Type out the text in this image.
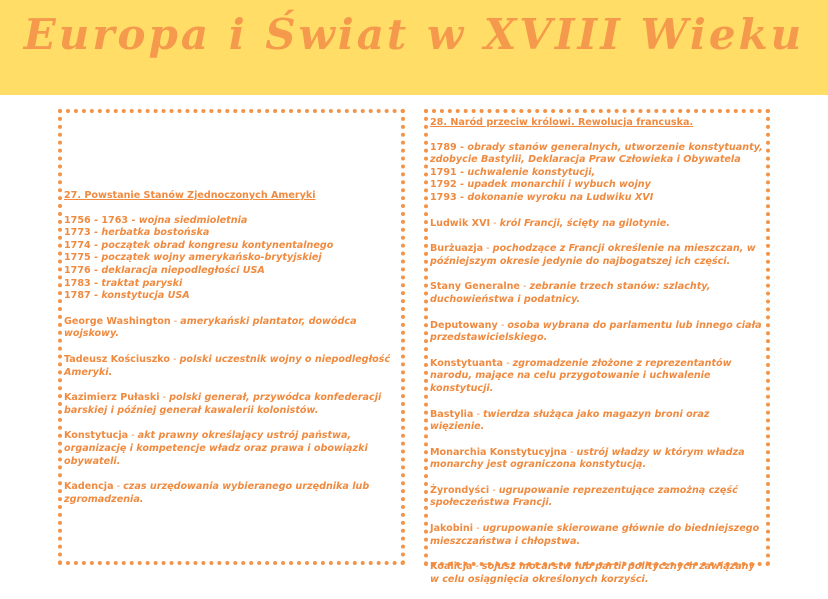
Europa i Świat w XVIII Wieku
27. Powstanie Stanów Zjednoczonych Ameryki
1756 - 1763 - wojna siedmioletnia
1773 - herbatka bostońska
1774 - początek obrad kongresu kontynentalnego
1775 - początek wojny amerykańsko-brytyjskiej
1776 - deklaracja niepodległości USA
1783 - traktat paryski
1787 - konstytucja USA
George Washington - amerykański plantator, dowódca wojskowy.
Tadeusz Kościuszko - polski uczestnik wojny o niepodległość Ameryki.
Kazimierz Pułaski - polski generał, przywódca konfederacji barskiej i później generał kawalerii kolonistów.
Konstytucja - akt prawny określający ustrój państwa, organizację i kompetencje władz oraz prawa i obowiązki obywateli.
Kadencja - czas urzędowania wybieranego urzędnika lub zgromadzenia.
28. Naród przeciw królowi. Rewolucja francuska.
1789 - obrady stanów generalnych, utworzenie konstytuanty, zdobycie Bastylii, Deklaracja Praw Człowieka i Obywatela
1791 - uchwalenie konstytucji,
1792 - upadek monarchii i wybuch wojny
1793 - dokonanie wyroku na Ludwiku XVI
Ludwik XVI - król Francji, ścięty na gilotynie.
Burżuazja - pochodzące z Francji określenie na mieszczan, w późniejszym okresie jedynie do najbogatszej ich części.
Stany Generalne - zebranie trzech stanów: szlachty, duchowieństwa i podatnicy.
Deputowany - osoba wybrana do parlamentu lub innego ciała przedstawicielskiego.
Konstytuanta - zgromadzenie złożone z reprezentantów narodu, mające na celu przygotowanie i uchwalenie konstytucji.
Bastylia - twierdza służąca jako magazyn broni oraz więzienie.
Monarchia Konstytucyjna - ustrój władzy w którym władza monarchy jest ograniczona konstytucją.
Żyrondyści - ugrupowanie reprezentujące zamożną część społeczeństwa Francji.
Jakobini - ugrupowanie skierowane głównie do biedniejszego mieszczaństwa i chłopstwa.
Koalicja - sojusz mocarstw lub partii politycznych zawiązany w celu osiągnięcia określonych korzyści.
